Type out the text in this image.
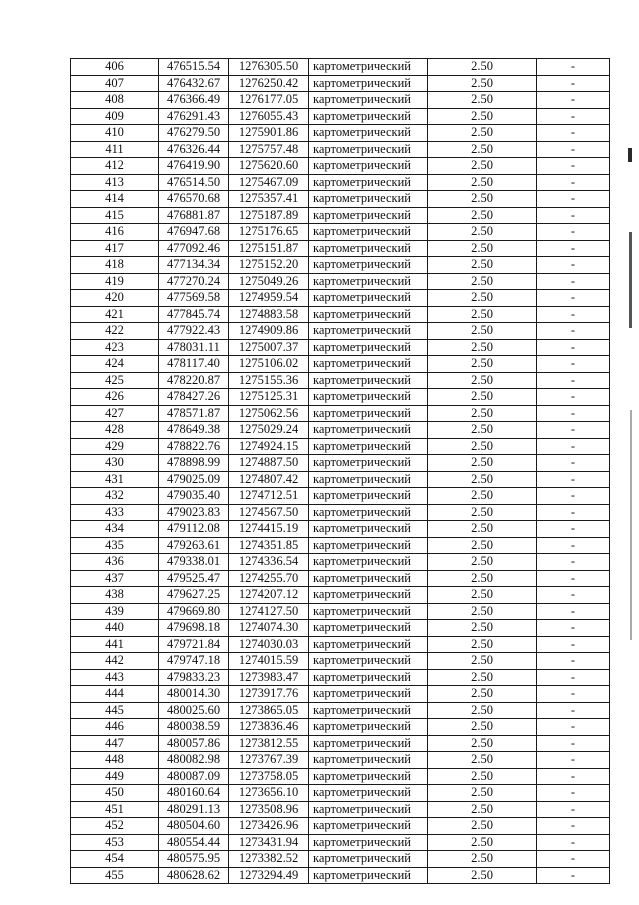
406	476515.54	1276305.50	картометрический	2.50	-
407	476432.67	1276250.42	картометрический	2.50	-
408	476366.49	1276177.05	картометрический	2.50	-
409	476291.43	1276055.43	картометрический	2.50	-
410	476279.50	1275901.86	картометрический	2.50	-
411	476326.44	1275757.48	картометрический	2.50	-
412	476419.90	1275620.60	картометрический	2.50	-
413	476514.50	1275467.09	картометрический	2.50	-
414	476570.68	1275357.41	картометрический	2.50	-
415	476881.87	1275187.89	картометрический	2.50	-
416	476947.68	1275176.65	картометрический	2.50	-
417	477092.46	1275151.87	картометрический	2.50	-
418	477134.34	1275152.20	картометрический	2.50	-
419	477270.24	1275049.26	картометрический	2.50	-
420	477569.58	1274959.54	картометрический	2.50	-
421	477845.74	1274883.58	картометрический	2.50	-
422	477922.43	1274909.86	картометрический	2.50	-
423	478031.11	1275007.37	картометрический	2.50	-
424	478117.40	1275106.02	картометрический	2.50	-
425	478220.87	1275155.36	картометрический	2.50	-
426	478427.26	1275125.31	картометрический	2.50	-
427	478571.87	1275062.56	картометрический	2.50	-
428	478649.38	1275029.24	картометрический	2.50	-
429	478822.76	1274924.15	картометрический	2.50	-
430	478898.99	1274887.50	картометрический	2.50	-
431	479025.09	1274807.42	картометрический	2.50	-
432	479035.40	1274712.51	картометрический	2.50	-
433	479023.83	1274567.50	картометрический	2.50	-
434	479112.08	1274415.19	картометрический	2.50	-
435	479263.61	1274351.85	картометрический	2.50	-
436	479338.01	1274336.54	картометрический	2.50	-
437	479525.47	1274255.70	картометрический	2.50	-
438	479627.25	1274207.12	картометрический	2.50	-
439	479669.80	1274127.50	картометрический	2.50	-
440	479698.18	1274074.30	картометрический	2.50	-
441	479721.84	1274030.03	картометрический	2.50	-
442	479747.18	1274015.59	картометрический	2.50	-
443	479833.23	1273983.47	картометрический	2.50	-
444	480014.30	1273917.76	картометрический	2.50	-
445	480025.60	1273865.05	картометрический	2.50	-
446	480038.59	1273836.46	картометрический	2.50	-
447	480057.86	1273812.55	картометрический	2.50	-
448	480082.98	1273767.39	картометрический	2.50	-
449	480087.09	1273758.05	картометрический	2.50	-
450	480160.64	1273656.10	картометрический	2.50	-
451	480291.13	1273508.96	картометрический	2.50	-
452	480504.60	1273426.96	картометрический	2.50	-
453	480554.44	1273431.94	картометрический	2.50	-
454	480575.95	1273382.52	картометрический	2.50	-
455	480628.62	1273294.49	картометрический	2.50	-
